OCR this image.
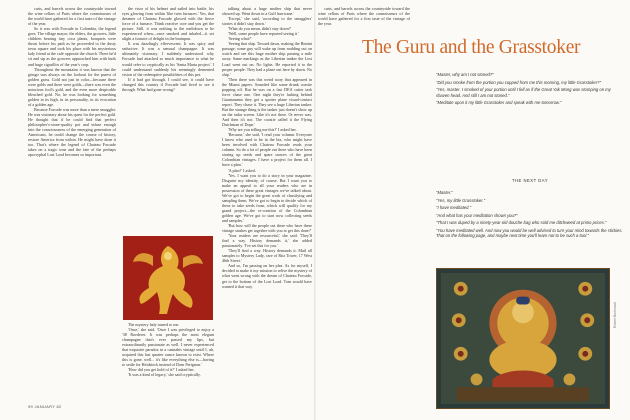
carts, and barrels across the countryside toward the wine cellars of Paris where the connoisseurs of the world have gathered for a first taste of the vintage of the year.

So it was with Forcade in Colombia, the legend goes. The village mayor, the elders, the growers, little children bearing tiny coca plants, bouquets were thrust before his path as he proceeded to the dusty town square and took his place with his mysterious lady friend at the café opposite the church. There he'd sit and sip as the growers approached him with buds and huge cigarillos of the year's crop.

Throughout the mountains it was known that the gringo was always on the lookout for the purest of golden grass. Gold not just in color—because there were golds and there were golds—there was even the notorious fool's gold, and the even more despicable bleached gold. No, he was looking for something golden in its high, in its personality, in its evocation of a golden age.

Because Forcade was more than a mere smuggler. He was visionary about his quest for the perfect gold. He thought that if he could find that perfect philosopher's-stone-quality pot and infuse enough into the consciousness of the emerging generation of Americans, he could change the course of history, restore America from within. He might have done it too. That's where the legend of Chateau Forcade takes on a tragic tone and the fate of the perhaps apocryphal Lost Load becomes so important.

the visor of his helmet and sailed into battle, his eyes glowing from within 'like twin furnaces.' Yes, that dreamer of Chateau Forcade glowed with the fierce force of a furnace. Think reactive core and you get the picture. Still, it was nothing to the meltdown to be experienced when—once smoked and inhaled—it set alight a furnace of delight in the brainpan.

It was dazzlingly effervescent. It was spicy and seductive. It was a sensual champagne. It was ultimately visionary. I suddenly understood why Forcade had attached so much importance to what he would refer to cryptically as his 'Santa Marta project.' I could understand suddenly his seemingly demented vision of the redemptive possibilities of this pot.

If it had got through, I could see, it could have changed this country if Forcade had lived to see it through. What had gone wrong?

The mystery lady turned to me.

'Once,' she said. 'Once I was privileged to enjoy a '38 Roederer. It was perhaps the most elegant champagne that's ever passed my lips, but extraordinarily passionate as well. I never experienced that exquisite paradox in a cannabis vintage until I, uh, acquired this last quarter ounce known to exist. Where this is gone, well... it's like everything else is—having to settle for Heidsieck instead of Dom Perignon.'

'How did you get hold of it?' I asked her.

'It was a kind of legacy,' she said cryptically.

talking about a huge mother ship that never showed up. Went down in a Gulf hurricane.'

'Except,' she said, 'according to the smugglers' stories it didn't stay down.'

'What do you mean, didn't stay down?'

'Well, some people have reported seeing it.'

'Seeing what?'

'Seeing that ship. Toward dawn, making the Bimini passage, some guy will wake up from nodding out on watch and see this huge mother ship passing a mile away. Same markings as the Liberian tanker the Lost Load went out on. No lights. He reported it to the proper people. They had a plane out here by dawn. No ship.'

'Then there was this weird story that appeared in the Miami papers. Sounded like some drunk coastie popping off. But he was on a fast DEA cutter task force chase one. One night they're lurking behind Guantanamo they get a spotter plane visual-contact report. They chase it. They see a huge Liberian tanker. But the strange thing is the tanker just doesn't show up on the radar screen. Like it's not there. Or never was. And then it's not. The coastie called it the Flying Dutchman of Dope.'

'Why are you telling me this?' I asked her.

'Because,' she said, 'I read your column. Everyone I know who used to be in the biz, who might have been involved with Chateau Forcade reads your column. So do a lot of people out there who have been storing up seeds and spare ounces of the great Colombian vintages. I have a project for them all. I have a plan.'

'A plan?' I asked.

'Yes. I want you to do a story in your magazine. Disguise my identity, of course. But I want you to make an appeal to all your readers who are in possession of these great vintages we've talked about. We've got to begin the great work of classifying and sampling them. We've got to begin to decide which of these to take seeds from, which will qualify for my grand project—the re-creation of the Colombian golden age. We've got to start now collecting seeds and samples.'

'But how will the people out there who have these vintage stashes get together with you to get this done?'

'Your readers are resourceful,' she said. 'They'll find a way. History demands it,' she added passionately. 'I've set this for you.'

'They'll find a way. History demands it. Mail all samples to Mystery Lady, care of Ritz Tower, 17 West 46th Street.'

And so, I'm passing on her plea. As for myself, I decided to make it my mission to relive the mystery of what went wrong with the dream of Chateau Forcade, get to the bottom of the Lost Load. Tom would have wanted it that way.

99 JANUARY 82

carts, and barrels across the countryside toward the wine cellars of Paris where the connoisseurs of the world have gathered for a first taste of the vintage of the year.

The Guru and the Grasstoker

"Master, why am I not stoned?"

"Did you smoke from the portion you copped from me this morning, my little Grasstoker?"

"Yes, master. I smoked of your portion until I fell as if the Great Yak Mong was stomping on my shaven head. And still I am not stoned."

"Meditate upon it my little Grasstoker and speak with me tomorrow."

THE NEXT DAY

"Master."

"Yes, my little Grasstoker."

"I have meditated."

"And what has your meditation shown you?"

"That I was duped by a ninety-year-old douche bag who sold me ditchweed at primo prices."

"You have meditated well. And now you would be well advised to turn your mind towards the stickies. That on the following page, and maybe next time you'll learn not to be such a tool."

Robert Burkhardt
